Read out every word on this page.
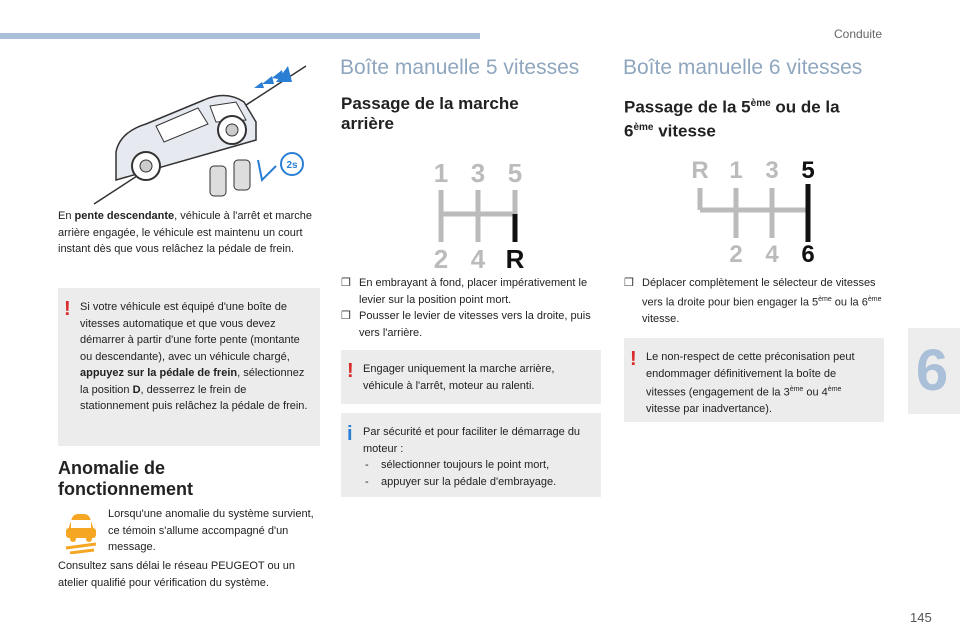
Conduite
6
145
2s
En pente descendante, véhicule à l'arrêt et marche arrière engagée, le véhicule est maintenu un court instant dès que vous relâchez la pédale de frein.
! Si votre véhicule est équipé d'une boîte de vitesses automatique et que vous devez démarrer à partir d'une forte pente (montante ou descendante), avec un véhicule chargé, appuyez sur la pédale de frein, sélectionnez la position D, desserrez le frein de stationnement puis relâchez la pédale de frein.
Anomalie de
fonctionnement
Lorsqu'une anomalie du système survient, ce témoin s'allume accompagné d'un message.
Consultez sans délai le réseau PEUGEOT ou un atelier qualifié pour vérification du système.
Boîte manuelle 5 vitesses
Passage de la marche
arrière
1 3 5
2 4 R
❒ En embrayant à fond, placer impérativement le levier sur la position point mort.
❒ Pousser le levier de vitesses vers la droite, puis vers l'arrière.
! Engager uniquement la marche arrière, véhicule à l'arrêt, moteur au ralenti.
i Par sécurité et pour faciliter le démarrage du moteur :
- sélectionner toujours le point mort,
- appuyer sur la pédale d'embrayage.
Boîte manuelle 6 vitesses
Passage de la 5ème ou de la
6ème vitesse
R 1 3 5
2 4 6
❒ Déplacer complètement le sélecteur de vitesses vers la droite pour bien engager la 5ème ou la 6ème vitesse.
! Le non-respect de cette préconisation peut endommager définitivement la boîte de vitesses (engagement de la 3ème ou 4ème vitesse par inadvertance).
